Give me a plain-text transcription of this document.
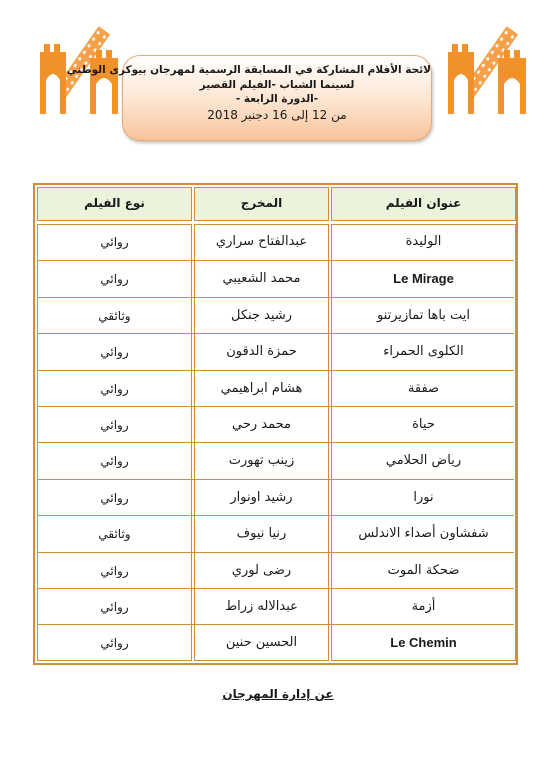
لائحة الأفلام المشاركة في المسابقة الرسمية لمهرجان بيوكرى الوطني
لسينما الشباب -الفيلم القصير
-الدورة الرابعة -
من 12 إلى 16 دجنبر 2018
عنوان الفيلم
المخرج
نوع الفيلم
الوليدة
عبدالفتاح سراري
روائي
Le Mirage
محمد الشعيبي
روائي
ايت باها تمازيرتنو
رشيد جنكل
وثائقي
الكلوى الحمراء
حمزة الدقون
روائي
صفقة
هشام ابراهيمي
روائي
حياة
محمد رحي
روائي
رياض الحلامي
زينب تهورت
روائي
نورا
رشيد اونوار
روائي
شفشاون أصداء الاندلس
رنيا نيوف
وثائقي
ضحكة الموت
رضى لوري
روائي
أزمة
عبدالاله زراط
روائي
Le Chemin
الحسين حنين
روائي
عن إدارة المهرجان
